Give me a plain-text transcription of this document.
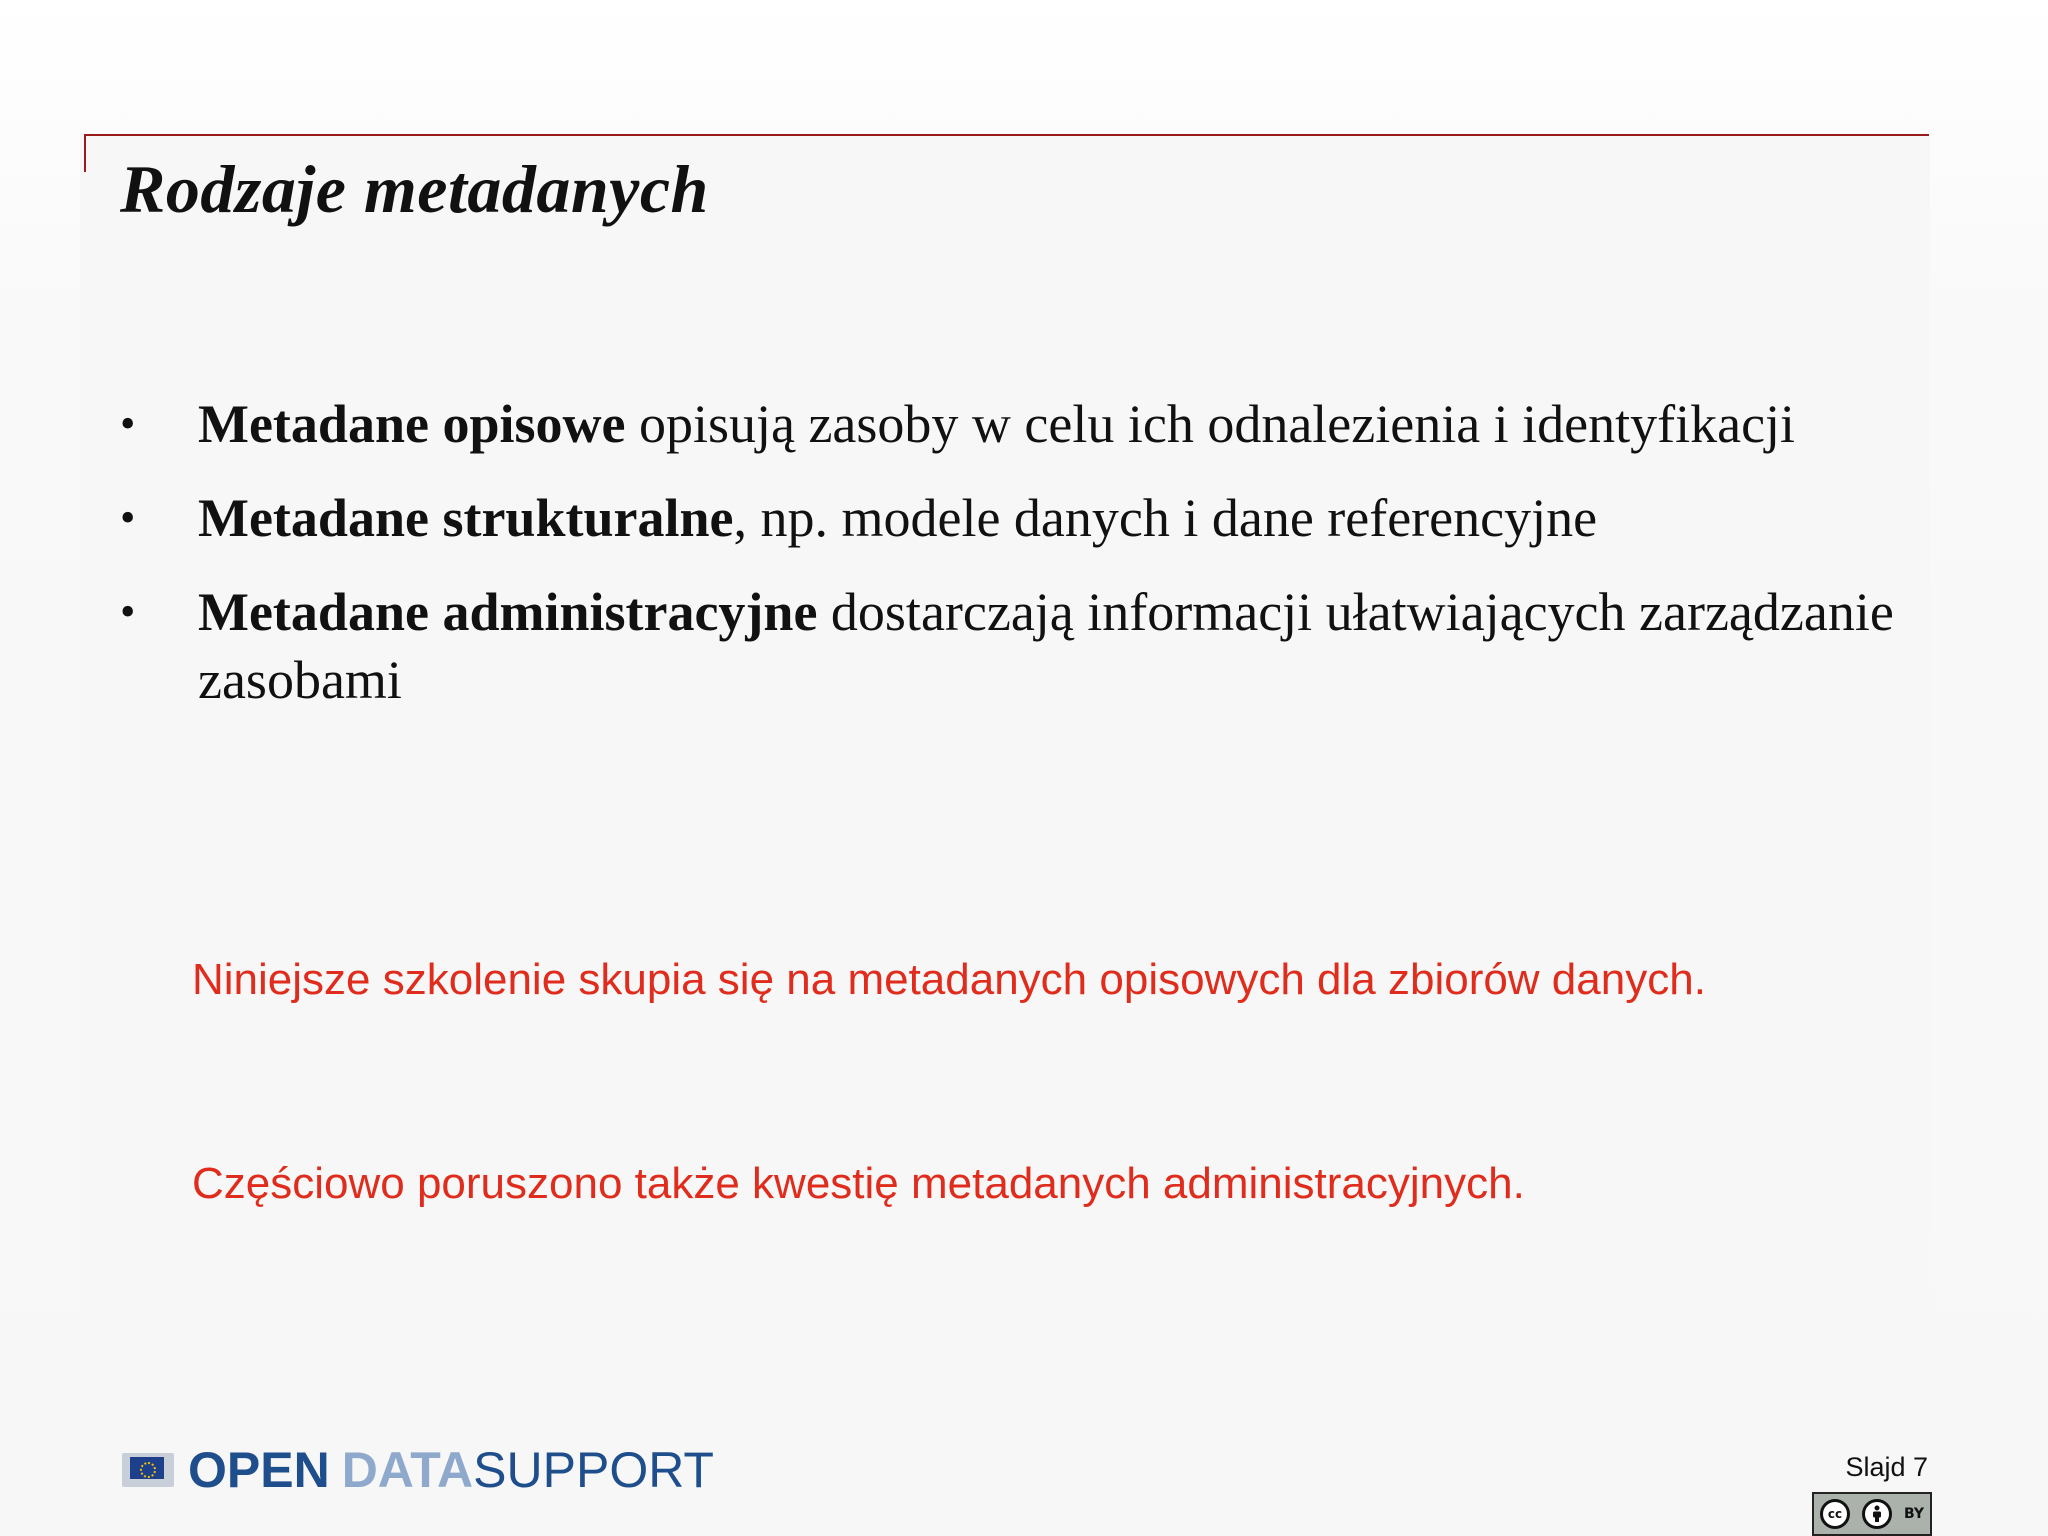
Rodzaje metadanych
•	Metadane opisowe opisują zasoby w celu ich odnalezienia i identyfikacji
•	Metadane strukturalne, np. modele danych i dane referencyjne
•	Metadane administracyjne dostarczają informacji ułatwiających zarządzanie zasobami

Niniejsze szkolenie skupia się na metadanych opisowych dla zbiorów danych.

Częściowo poruszono także kwestię metadanych administracyjnych.

OPEN DATASUPPORT	Slajd 7
cc	BY
